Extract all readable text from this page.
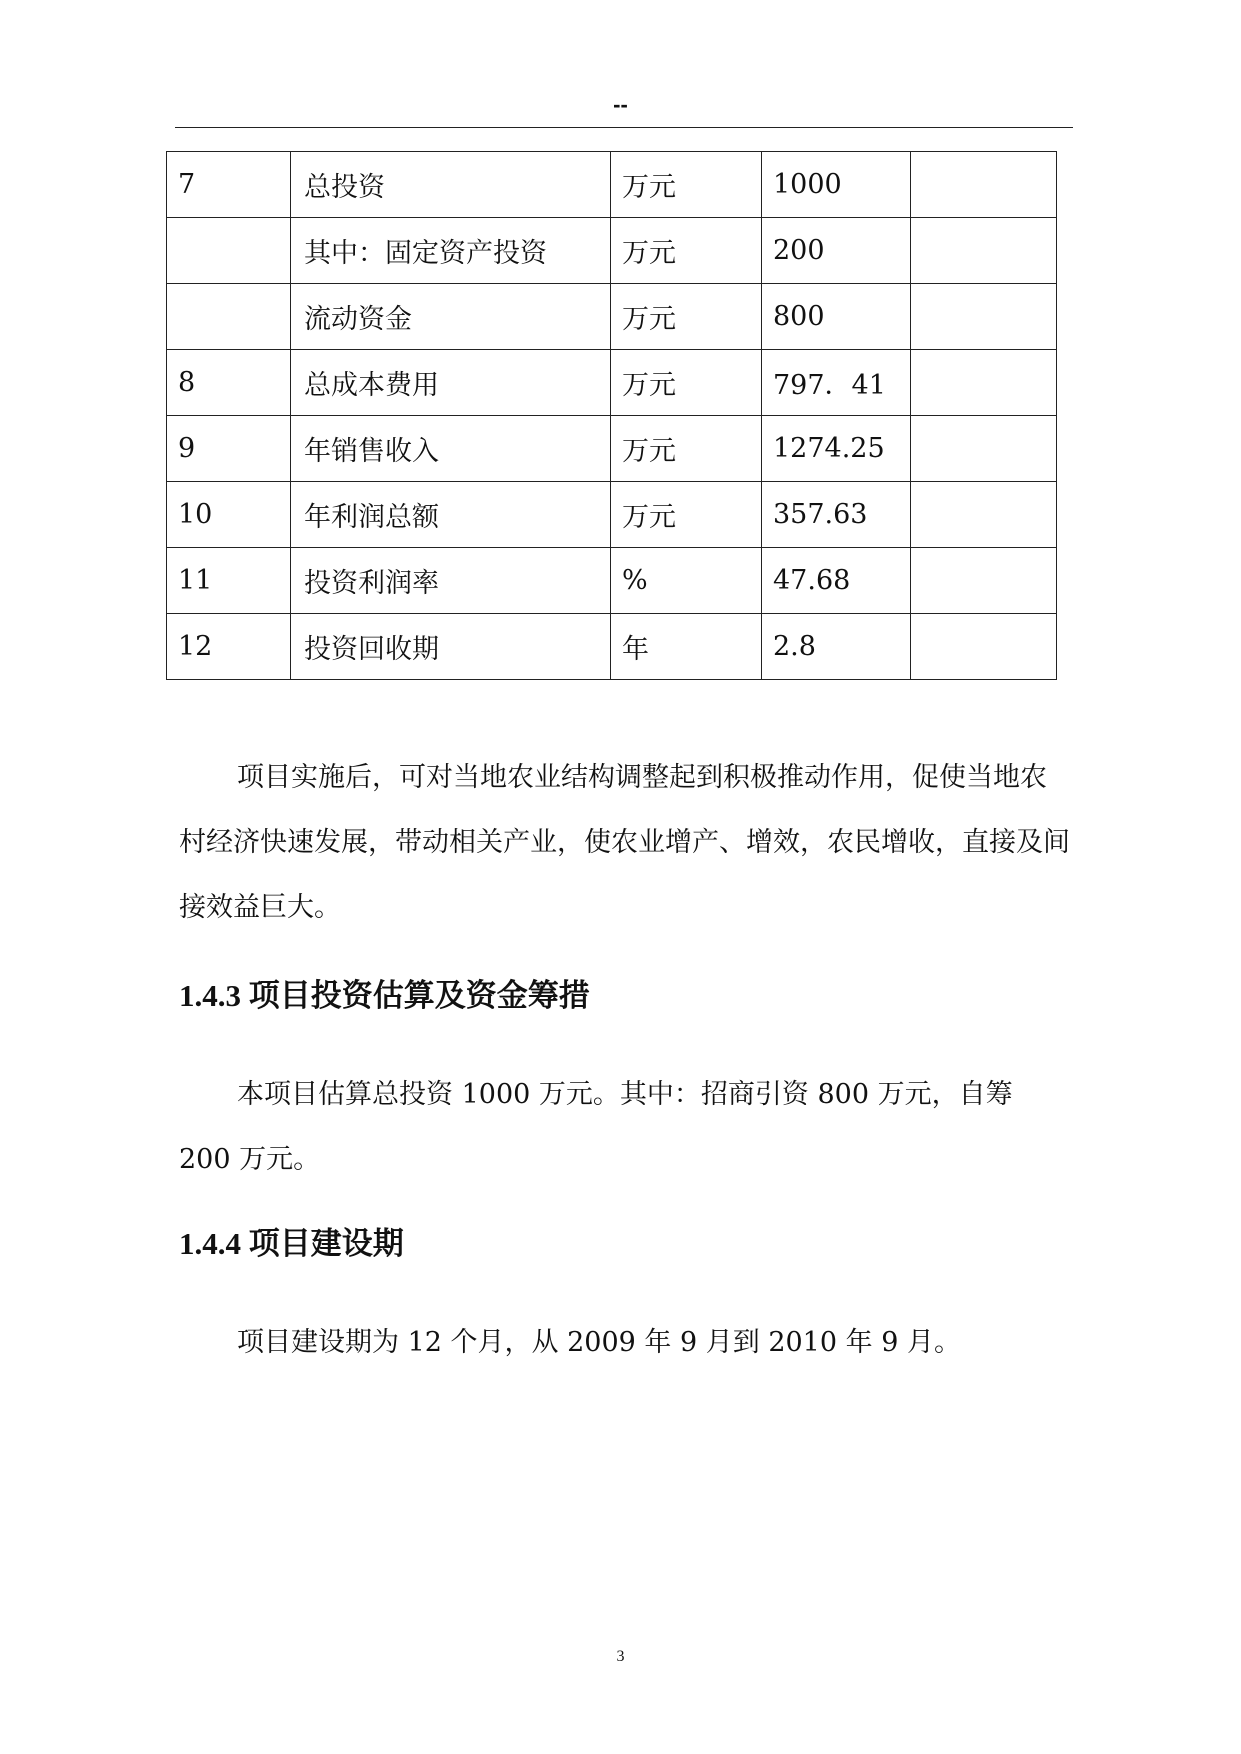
--
7	总投资	万元	1000	
	其中：固定资产投资	万元	200	
	流动资金	万元	800	
8	总成本费用	万元	797．41	
9	年销售收入	万元	1274.25	
10	年利润总额	万元	357.63	
11	投资利润率	%	47.68	
12	投资回收期	年	2.8	

项目实施后，可对当地农业结构调整起到积极推动作用，促使当地农村经济快速发展，带动相关产业，使农业增产、增效，农民增收，直接及间接效益巨大。

1.4.3 项目投资估算及资金筹措

本项目估算总投资 1000 万元。其中：招商引资 800 万元，自筹 200 万元。

1.4.4 项目建设期

项目建设期为 12 个月，从 2009 年 9 月到 2010 年 9 月。

3
